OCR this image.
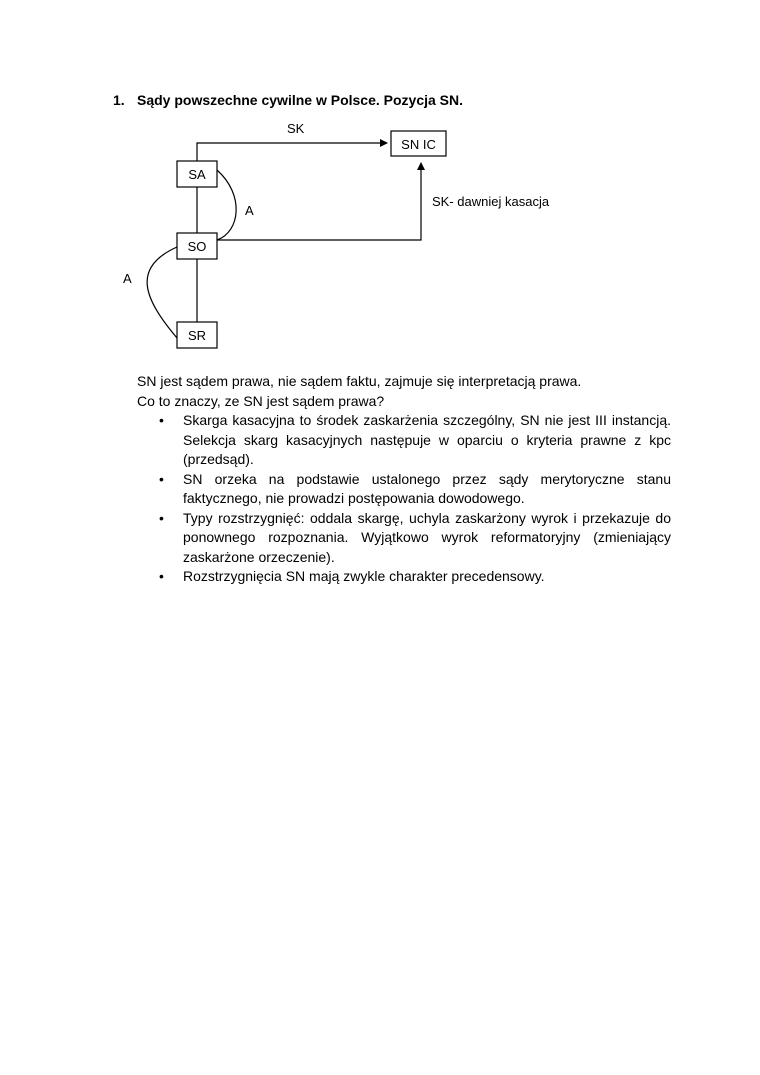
1. Sądy powszechne cywilne w Polsce. Pozycja SN.
SA
SO
SR
SN IC
SK
A
A
SK- dawniej kasacja

SN jest sądem prawa, nie sądem faktu, zajmuje się interpretacją prawa.

Co to znaczy, ze SN jest sądem prawa?

• Skarga kasacyjna to środek zaskarżenia szczególny, SN nie jest III instancją. Selekcja skarg kasacyjnych następuje w oparciu o kryteria prawne z kpc (przedsąd).
• SN orzeka na podstawie ustalonego przez sądy merytoryczne stanu faktycznego, nie prowadzi postępowania dowodowego.
• Typy rozstrzygnięć: oddala skargę, uchyla zaskarżony wyrok i przekazuje do ponownego rozpoznania. Wyjątkowo wyrok reformatoryjny (zmieniający zaskarżone orzeczenie).
• Rozstrzygnięcia SN mają zwykle charakter precedensowy.
